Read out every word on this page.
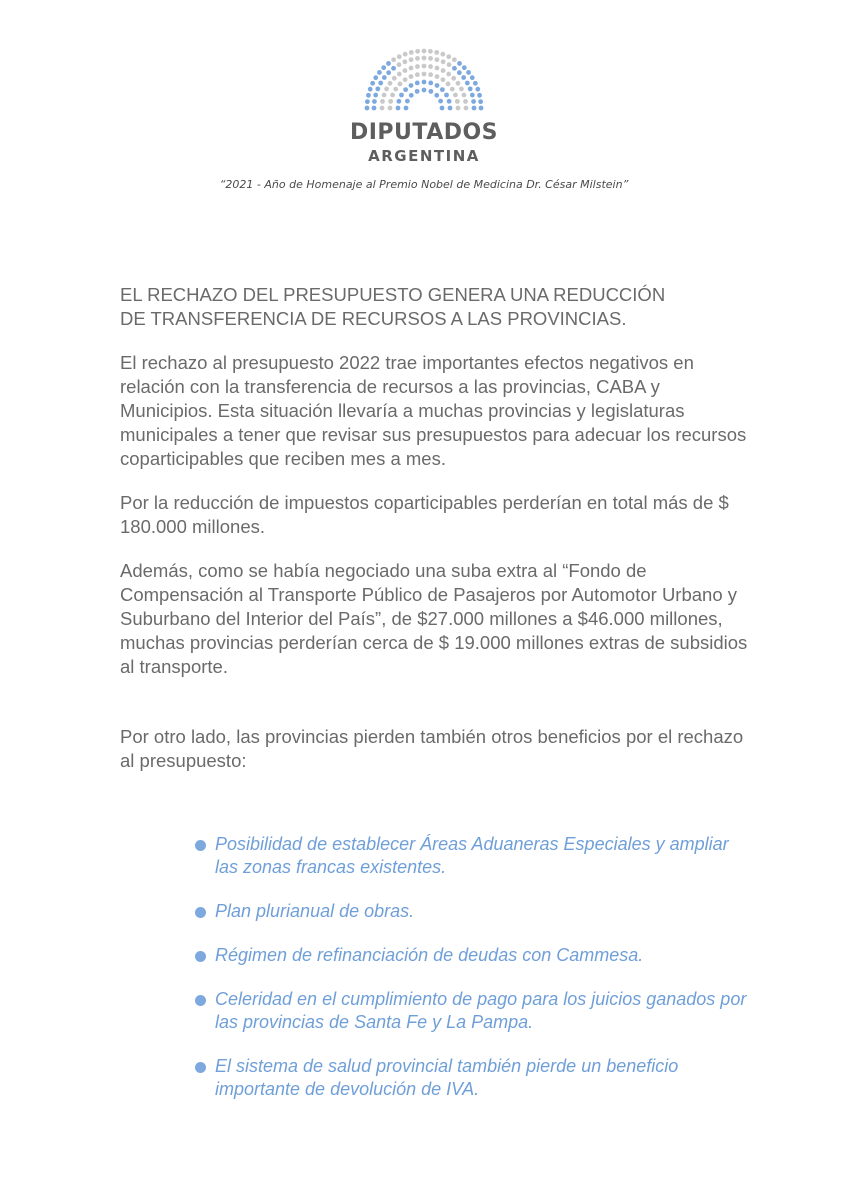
DIPUTADOS
ARGENTINA
“2021 - Año de Homenaje al Premio Nobel de Medicina Dr. César Milstein”
EL RECHAZO DEL PRESUPUESTO GENERA UNA REDUCCIÓN
DE TRANSFERENCIA DE RECURSOS A LAS PROVINCIAS.

El rechazo al presupuesto 2022 trae importantes efectos negativos en relación con la transferencia de recursos a las provincias, CABA y Municipios. Esta situación llevaría a muchas provincias y legislaturas municipales a tener que revisar sus presupuestos para adecuar los recursos coparticipables que reciben mes a mes.

Por la reducción de impuestos coparticipables perderían en total más de $ 180.000 millones.

Además, como se había negociado una suba extra al “Fondo de Compensación al Transporte Público de Pasajeros por Automotor Urbano y Suburbano del Interior del País”, de $27.000 millones a $46.000 millones, muchas provincias perderían cerca de $ 19.000 millones extras de subsidios al transporte.

Por otro lado, las provincias pierden también otros beneficios por el rechazo al presupuesto:

Posibilidad de establecer Áreas Aduaneras Especiales y ampliar las zonas francas existentes.
Plan plurianual de obras.
Régimen de refinanciación de deudas con Cammesa.
Celeridad en el cumplimiento de pago para los juicios ganados por las provincias de Santa Fe y La Pampa.
El sistema de salud provincial también pierde un beneficio importante de devolución de IVA.
